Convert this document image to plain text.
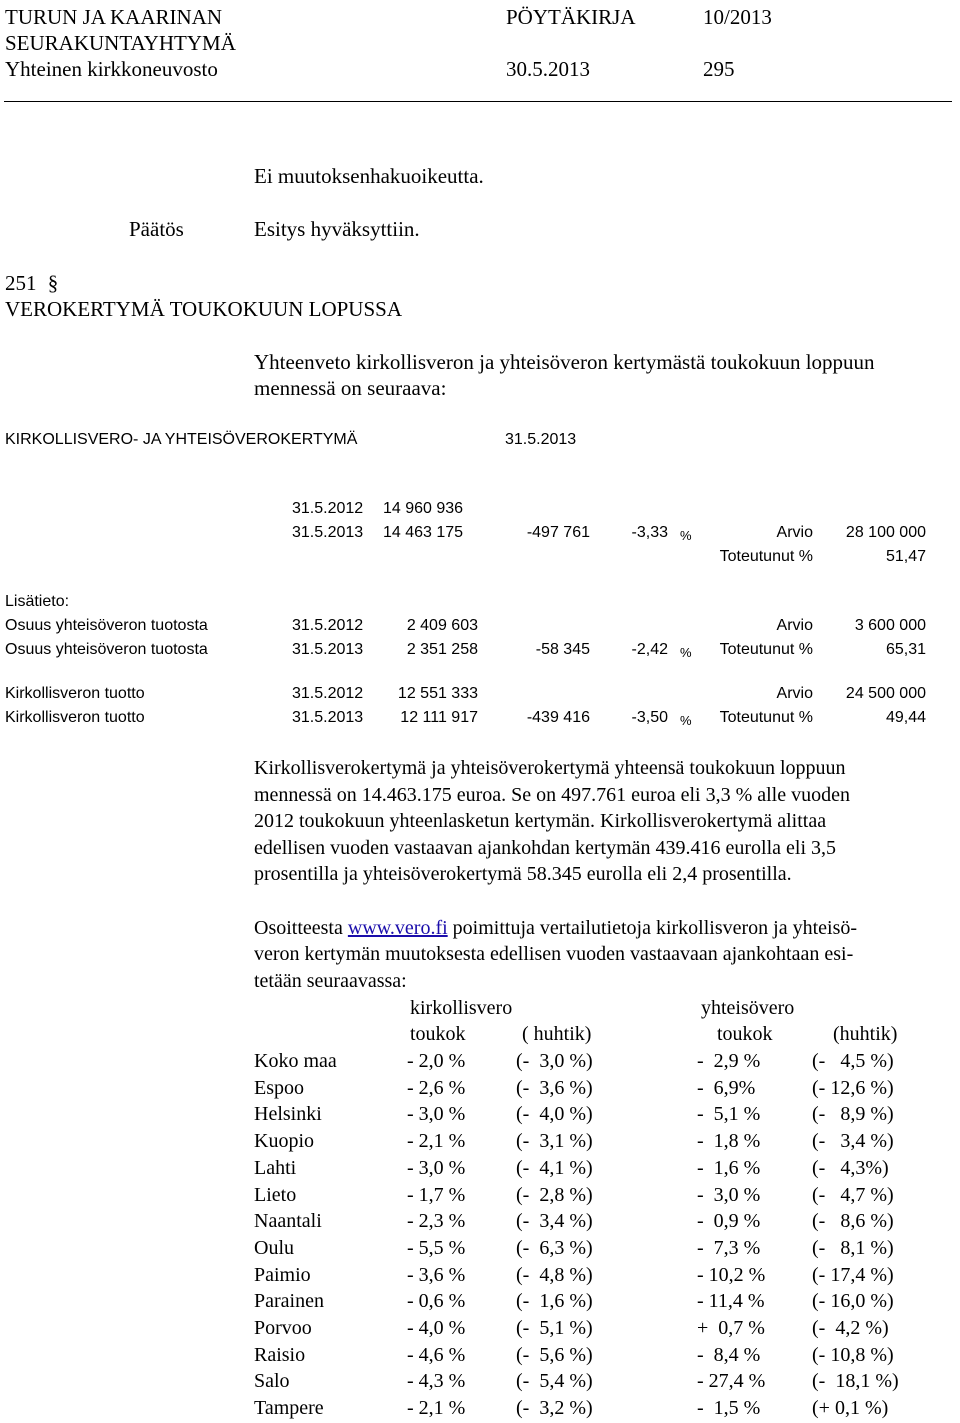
TURUN JA KAARINAN
SEURAKUNTAYHTYMÄ
Yhteinen kirkkoneuvosto
PÖYTÄKIRJA	10/2013
30.5.2013	295
Ei muutoksenhakuoikeutta.
Päätös	Esitys hyväksyttiin.
251 §
VEROKERTYMÄ TOUKOKUUN LOPUSSA
Yhteenveto kirkollisveron ja yhteisöveron kertymästä toukokuun loppuun
mennessä on seuraava:
KIRKOLLISVERO- JA YHTEISÖVEROKERTYMÄ	31.5.2013
31.5.2012 14 960 936
31.5.2013 14 463 175	-497 761	-3,33 %	Arvio	28 100 000
Toteutunut %	51,47
Lisätieto:
Osuus yhteisöveron tuotosta	31.5.2012	2 409 603	Arvio	3 600 000
Osuus yhteisöveron tuotosta	31.5.2013	2 351 258	-58 345	-2,42 %	Toteutunut %	65,31
Kirkollisveron tuotto	31.5.2012	12 551 333	Arvio	24 500 000
Kirkollisveron tuotto	31.5.2013	12 111 917	-439 416	-3,50 %	Toteutunut %	49,44
Kirkollisverokertymä ja yhteisöverokertymä yhteensä toukokuun loppuun
mennessä on 14.463.175 euroa. Se on 497.761 euroa eli 3,3 % alle vuoden
2012 toukokuun yhteenlasketun kertymän. Kirkollisverokertymä alittaa
edellisen vuoden vastaavan ajankohdan kertymän 439.416 eurolla eli 3,5
prosentilla ja yhteisöverokertymä 58.345 eurolla eli 2,4 prosentilla.
Osoitteesta www.vero.fi poimittuja vertailutietoja kirkollisveron ja yhteisö-
veron kertymän muutoksesta edellisen vuoden vastaavaan ajankohtaan esi-
tetään seuraavassa:
kirkollisvero	yhteisövero
toukok	( huhtik)	toukok	(huhtik)
Koko maa	- 2,0 %	(-  3,0 %)	-  2,9 %	(-   4,5 %)
Espoo	- 2,6 %	(-  3,6 %)	-  6,9%	(- 12,6 %)
Helsinki	- 3,0 %	(-  4,0 %)	-  5,1 %	(-   8,9 %)
Kuopio	- 2,1 %	(-  3,1 %)	-  1,8 %	(-   3,4 %)
Lahti	- 3,0 %	(-  4,1 %)	-  1,6 %	(-   4,3%)
Lieto	- 1,7 %	(-  2,8 %)	-  3,0 %	(-   4,7 %)
Naantali	- 2,3 %	(-  3,4 %)	-  0,9 %	(-   8,6 %)
Oulu	- 5,5 %	(-  6,3 %)	-  7,3 %	(-   8,1 %)
Paimio	- 3,6 %	(-  4,8 %)	- 10,2 % (- 17,4 %)
Parainen	- 0,6 %	(-  1,6 %)	- 11,4 % (- 16,0 %)
Porvoo	- 4,0 %	(-  5,1 %)	+  0,7 % (-  4,2 %)
Raisio	- 4,6 %	(-  5,6 %)	-  8,4 %	(- 10,8 %)
Salo	- 4,3 %	(-  5,4 %)	- 27,4 % (-  18,1 %)
Tampere	- 2,1 %	(-  3,2 %)	-  1,5 %	(+ 0,1 %)
